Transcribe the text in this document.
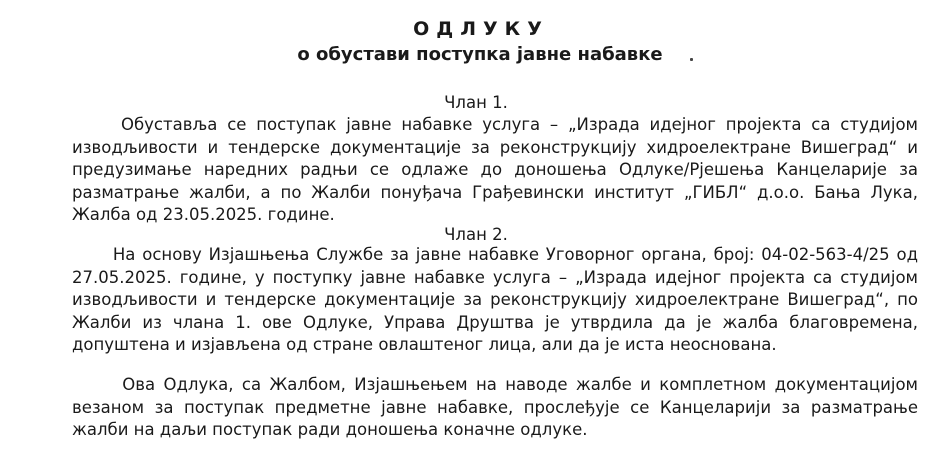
ОДЛУКУ
о обустави поступка јавне набавке
Члан 1.
Обуставља се поступак јавне набавке услуга – „Израда идејног пројекта са студијом
изводљивости и тендерске документације за реконструкцију хидроелектране Вишеград“ и
предузимање наредних радњи се одлаже до доношења Одлуке/Рјешења Канцеларије за
разматрање жалби, а по Жалби понуђача Грађевински институт „ГИБЛ“ д.о.о. Бања Лука,
Жалба од 23.05.2025. године.
Члан 2.
На основу Изјашњења Службе за јавне набавке Уговорног органа, број: 04-02-563-4/25 од
27.05.2025. године, у поступку јавне набавке услуга – „Израда идејног пројекта са студијом
изводљивости и тендерске документације за реконструкцију хидроелектране Вишеград“, по
Жалби из члана 1. ове Одлуке, Управа Друштва је утврдила да је жалба благовремена,
допуштена и изјављена од стране овлаштеног лица, али да је иста неоснована.
Ова Одлука, са Жалбом, Изјашњењем на наводе жалбе и комплетном документацијом
везаном за поступак предметне јавне набавке, прослеђује се Канцеларији за разматрање
жалби на даљи поступак ради доношења коначне одлуке.
